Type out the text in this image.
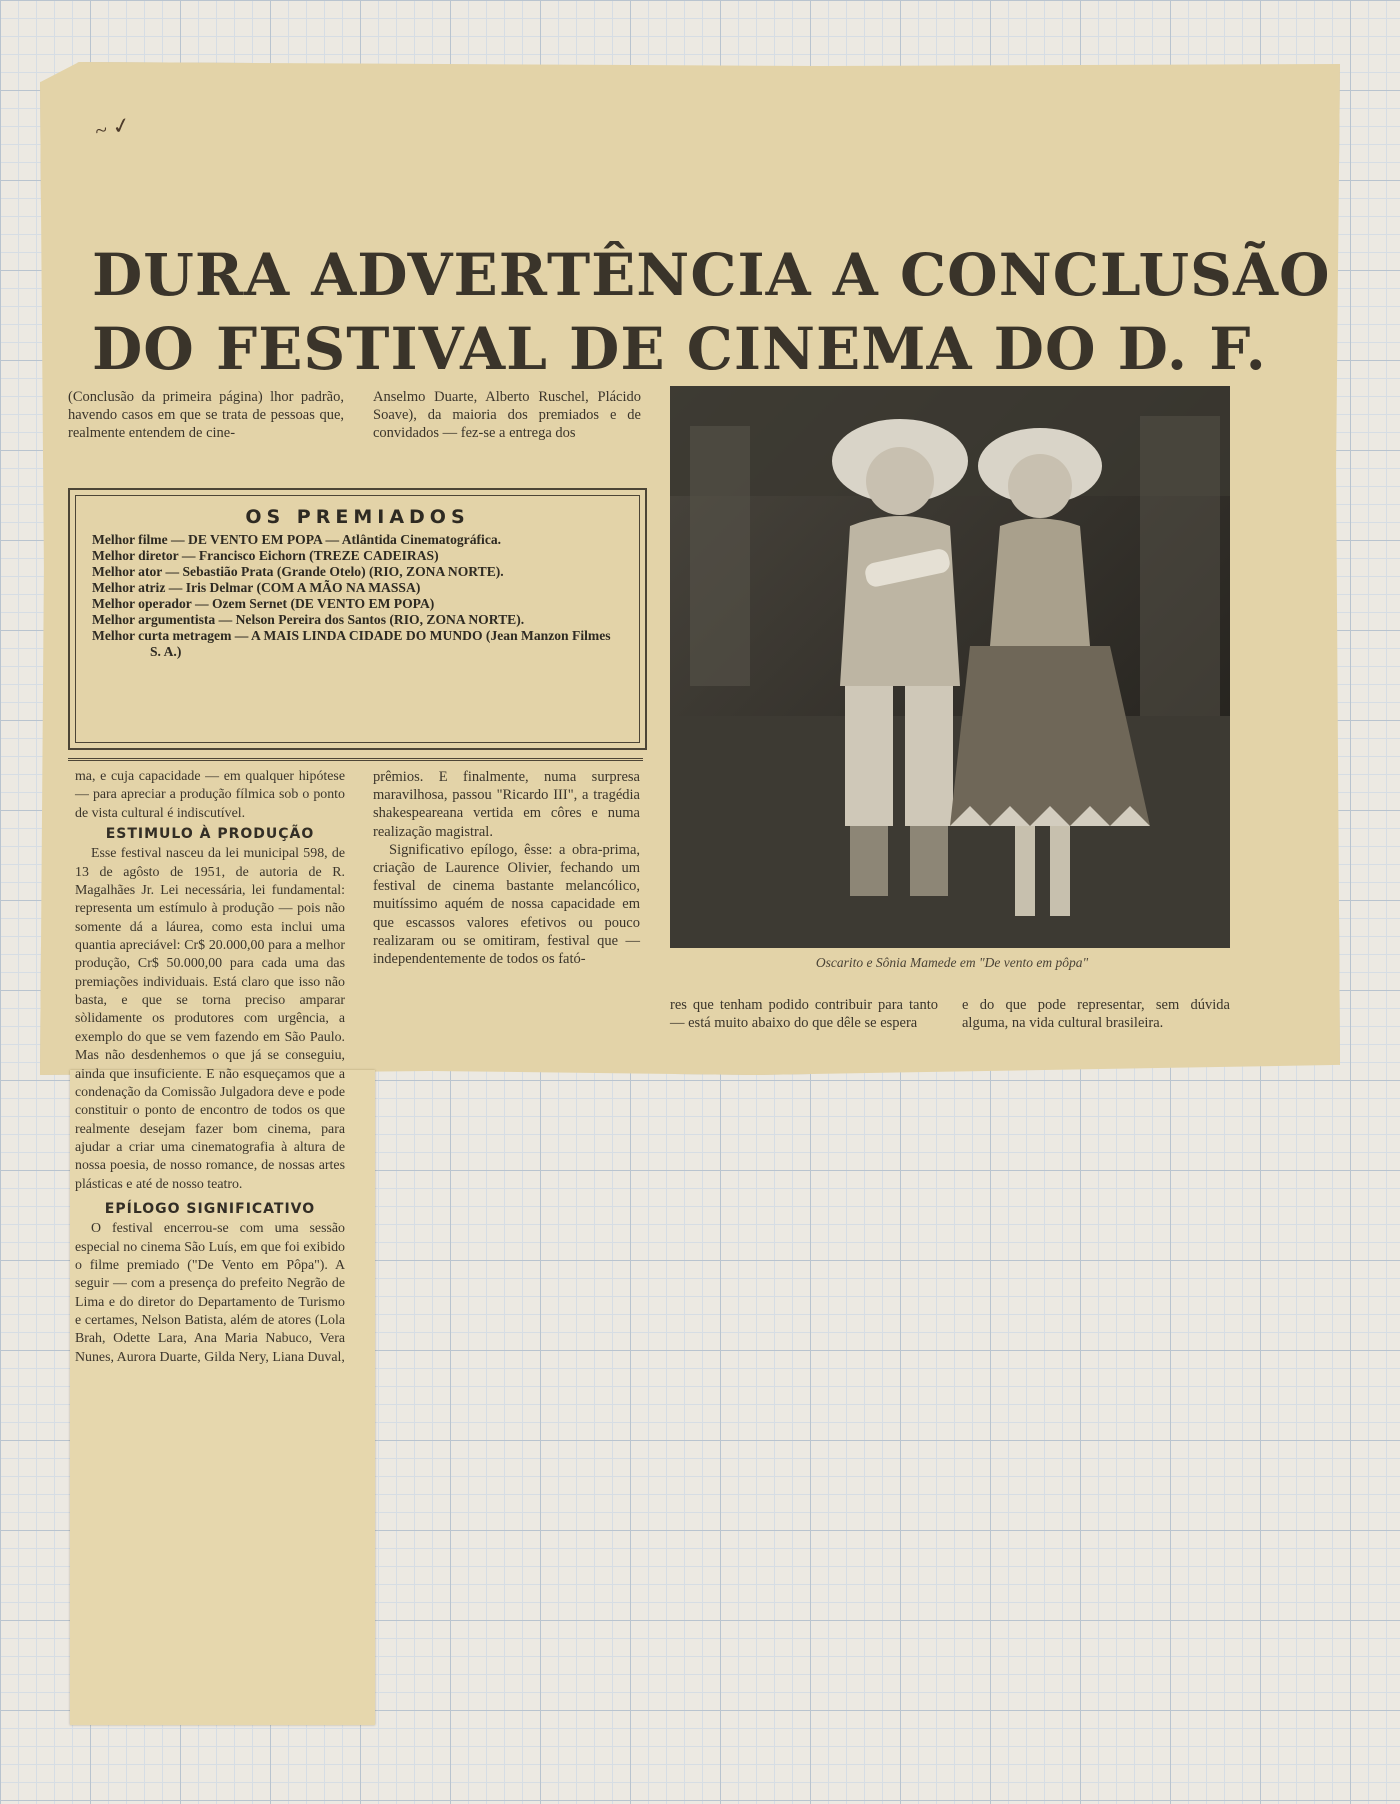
~ ✓
DURA ADVERTÊNCIA A CONCLUSÃO
DO FESTIVAL DE CINEMA DO D. F.

(Conclusão da primeira página) lhor padrão, havendo casos em que se trata de pessoas que, realmente entendem de cine-

Anselmo Duarte, Alberto Ruschel, Plácido Soave), da maioria dos premiados e de convidados — fez-se a entrega dos

OS PREMIADOS

Melhor filme — DE VENTO EM POPA — Atlântida Cinematográfica.

Melhor diretor — Francisco Eichorn (TREZE CADEIRAS)

Melhor ator — Sebastião Prata (Grande Otelo) (RIO, ZONA NORTE).

Melhor atriz — Iris Delmar (COM A MÃO NA MASSA)

Melhor operador — Ozem Sernet (DE VENTO EM POPA)

Melhor argumentista — Nelson Pereira dos Santos (RIO, ZONA NORTE).

Melhor curta metragem — A MAIS LINDA CIDADE DO MUNDO (Jean Manzon Filmes S. A.)

ma, e cuja capacidade — em qualquer hipótese — para apreciar a produção fílmica sob o ponto de vista cultural é indiscutível.

ESTIMULO À PRODUÇÃO

Esse festival nasceu da lei municipal 598, de 13 de agôsto de 1951, de autoria de R. Magalhães Jr. Lei necessária, lei fundamental: representa um estímulo à produção — pois não somente dá a láurea, como esta inclui uma quantia apreciável: Cr$ 20.000,00 para a melhor produção, Cr$ 50.000,00 para cada uma das premiações individuais. Está claro que isso não basta, e que se torna preciso amparar sòlidamente os produtores com urgência, a exemplo do que se vem fazendo em São Paulo. Mas não desdenhemos o que já se conseguiu, ainda que insuficiente. E não esqueçamos que a condenação da Comissão Julgadora deve e pode constituir o ponto de encontro de todos os que realmente desejam fazer bom cinema, para ajudar a criar uma cinematografia à altura de nossa poesia, de nosso romance, de nossas artes plásticas e até de nosso teatro.

EPÍLOGO SIGNIFICATIVO

O festival encerrou-se com uma sessão especial no cinema São Luís, em que foi exibido o filme premiado ("De Vento em Pôpa"). A seguir — com a presença do prefeito Negrão de Lima e do diretor do Departamento de Turismo e certames, Nelson Batista, além de atores (Lola Brah, Odette Lara, Ana Maria Nabuco, Vera Nunes, Aurora Duarte, Gilda Nery, Liana Duval,

prêmios. E finalmente, numa surpresa maravilhosa, passou "Ricardo III", a tragédia shakespeareana vertida em côres e numa realização magistral.

Significativo epílogo, êsse: a obra-prima, criação de Laurence Olivier, fechando um festival de cinema bastante melancólico, muitíssimo aquém de nossa capacidade em que escassos valores efetivos ou pouco realizaram ou se omitiram, festival que — independentemente de todos os fató-	Oscarito e Sônia Mamede em "De vento em pôpa"

res que tenham podido contribuir para tanto — está muito abaixo do que dêle se espera

e do que pode representar, sem dúvida alguma, na vida cultural brasileira.
